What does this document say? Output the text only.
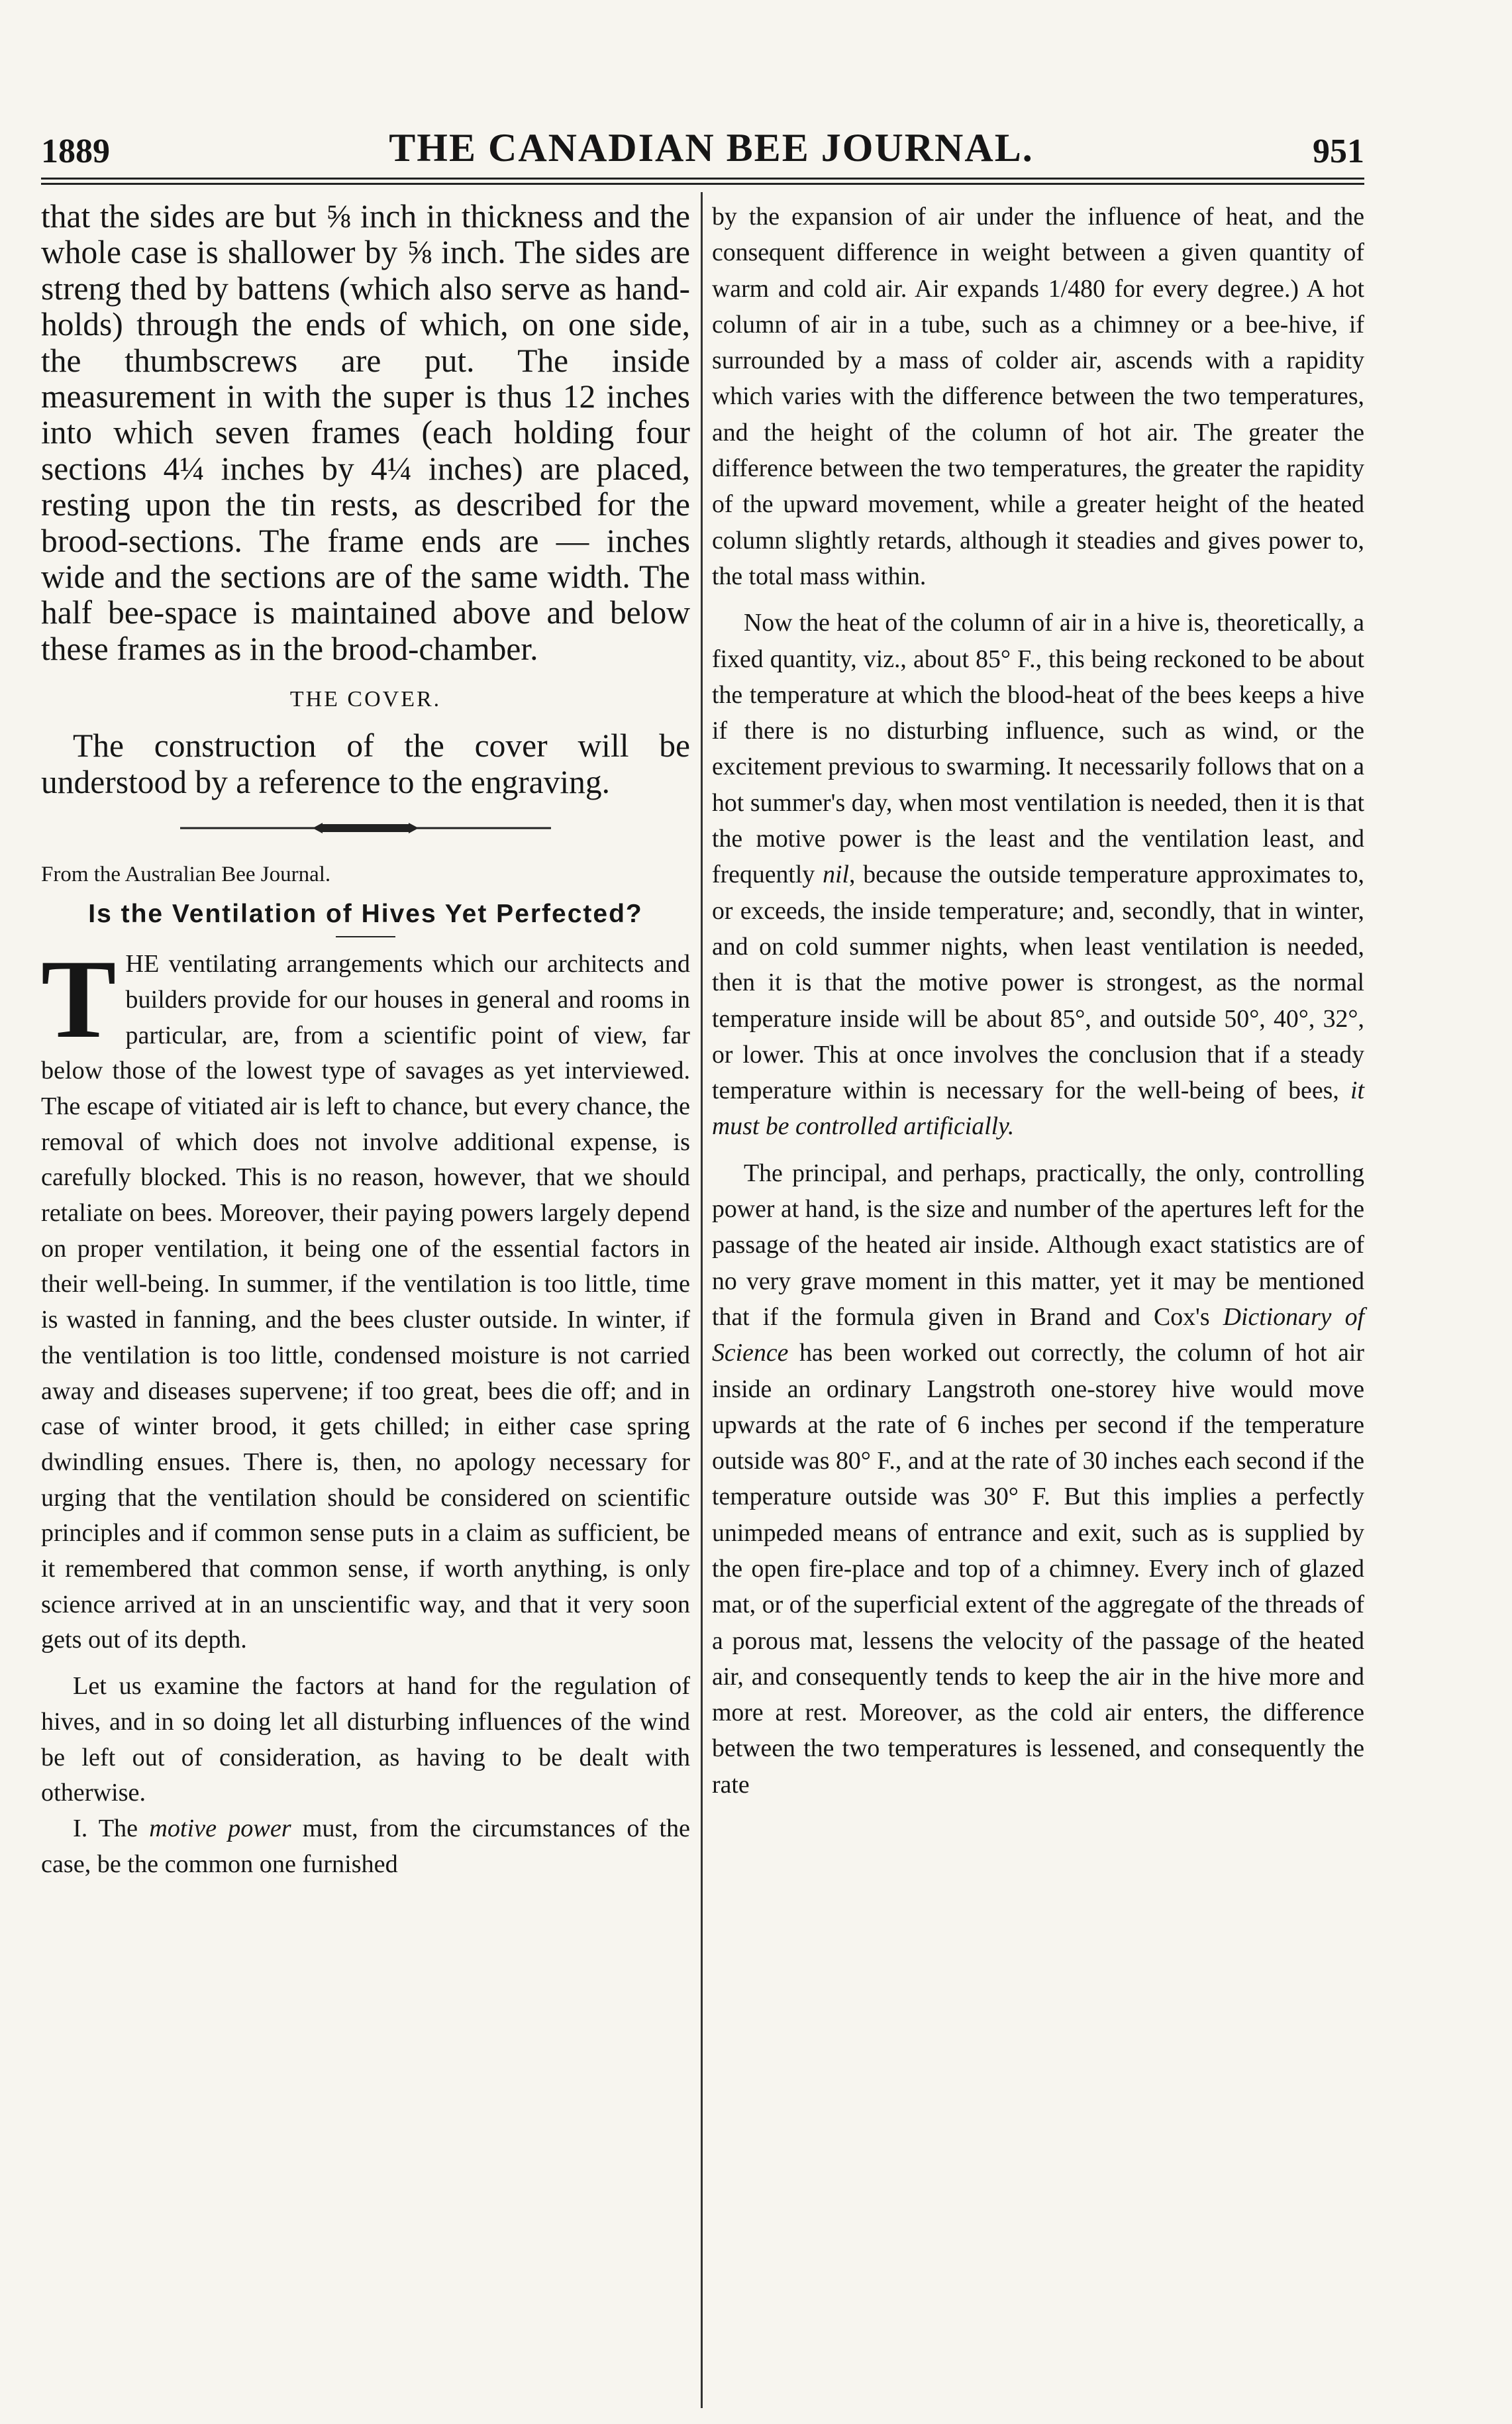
1889	THE CANADIAN BEE JOURNAL.	951

that the sides are but ⅝ inch in thickness and the whole case is shallower by ⅝ inch. The sides are streng thed by battens (which also serve as hand-holds) through the ends of which, on one side, the thumbscrews are put. The inside measurement in with the super is thus 12 inches into which seven frames (each holding four sections 4¼ inches by 4¼ inches) are placed, resting upon the tin rests, as described for the brood-sections. The frame ends are — inches wide and the sections are of the same width. The half bee-space is maintained above and below these frames as in the brood-chamber.

THE COVER.

The construction of the cover will be understood by a reference to the engraving.

From the Australian Bee Journal.

Is the Ventilation of Hives Yet Perfected?

THE ventilating arrangements which our architects and builders provide for our houses in general and rooms in particular, are, from a scientific point of view, far below those of the lowest type of savages as yet interviewed. The escape of vitiated air is left to chance, but every chance, the removal of which does not involve additional expense, is carefully blocked. This is no reason, however, that we should retaliate on bees. Moreover, their paying powers largely depend on proper ventilation, it being one of the essential factors in their well-being. In summer, if the ventilation is too little, time is wasted in fanning, and the bees cluster outside. In winter, if the ventilation is too little, condensed moisture is not carried away and diseases supervene; if too great, bees die off; and in case of winter brood, it gets chilled; in either case spring dwindling ensues. There is, then, no apology necessary for urging that the ventilation should be considered on scientific principles and if common sense puts in a claim as sufficient, be it remembered that common sense, if worth anything, is only science arrived at in an unscientific way, and that it very soon gets out of its depth.

Let us examine the factors at hand for the regulation of hives, and in so doing let all disturbing influences of the wind be left out of consideration, as having to be dealt with otherwise.

I. The motive power must, from the circumstances of the case, be the common one furnished

by the expansion of air under the influence of heat, and the consequent difference in weight between a given quantity of warm and cold air. Air expands 1/480 for every degree.) A hot column of air in a tube, such as a chimney or a bee-hive, if surrounded by a mass of colder air, ascends with a rapidity which varies with the difference between the two temperatures, and the height of the column of hot air. The greater the difference between the two temperatures, the greater the rapidity of the upward movement, while a greater height of the heated column slightly retards, although it steadies and gives power to, the total mass within.

Now the heat of the column of air in a hive is, theoretically, a fixed quantity, viz., about 85° F., this being reckoned to be about the temperature at which the blood-heat of the bees keeps a hive if there is no disturbing influence, such as wind, or the excitement previous to swarming. It necessarily follows that on a hot summer's day, when most ventilation is needed, then it is that the motive power is the least and the ventilation least, and frequently nil, because the outside temperature approximates to, or exceeds, the inside temperature; and, secondly, that in winter, and on cold summer nights, when least ventilation is needed, then it is that the motive power is strongest, as the normal temperature inside will be about 85°, and outside 50°, 40°, 32°, or lower. This at once involves the conclusion that if a steady temperature within is necessary for the well-being of bees, it must be controlled artificially.

The principal, and perhaps, practically, the only, controlling power at hand, is the size and number of the apertures left for the passage of the heated air inside. Although exact statistics are of no very grave moment in this matter, yet it may be mentioned that if the formula given in Brand and Cox's Dictionary of Science has been worked out correctly, the column of hot air inside an ordinary Langstroth one-storey hive would move upwards at the rate of 6 inches per second if the temperature outside was 80° F., and at the rate of 30 inches each second if the temperature outside was 30° F. But this implies a perfectly unimpeded means of entrance and exit, such as is supplied by the open fire-place and top of a chimney. Every inch of glazed mat, or of the superficial extent of the aggregate of the threads of a porous mat, lessens the velocity of the passage of the heated air, and consequently tends to keep the air in the hive more and more at rest. Moreover, as the cold air enters, the difference between the two temperatures is lessened, and consequently the rate
